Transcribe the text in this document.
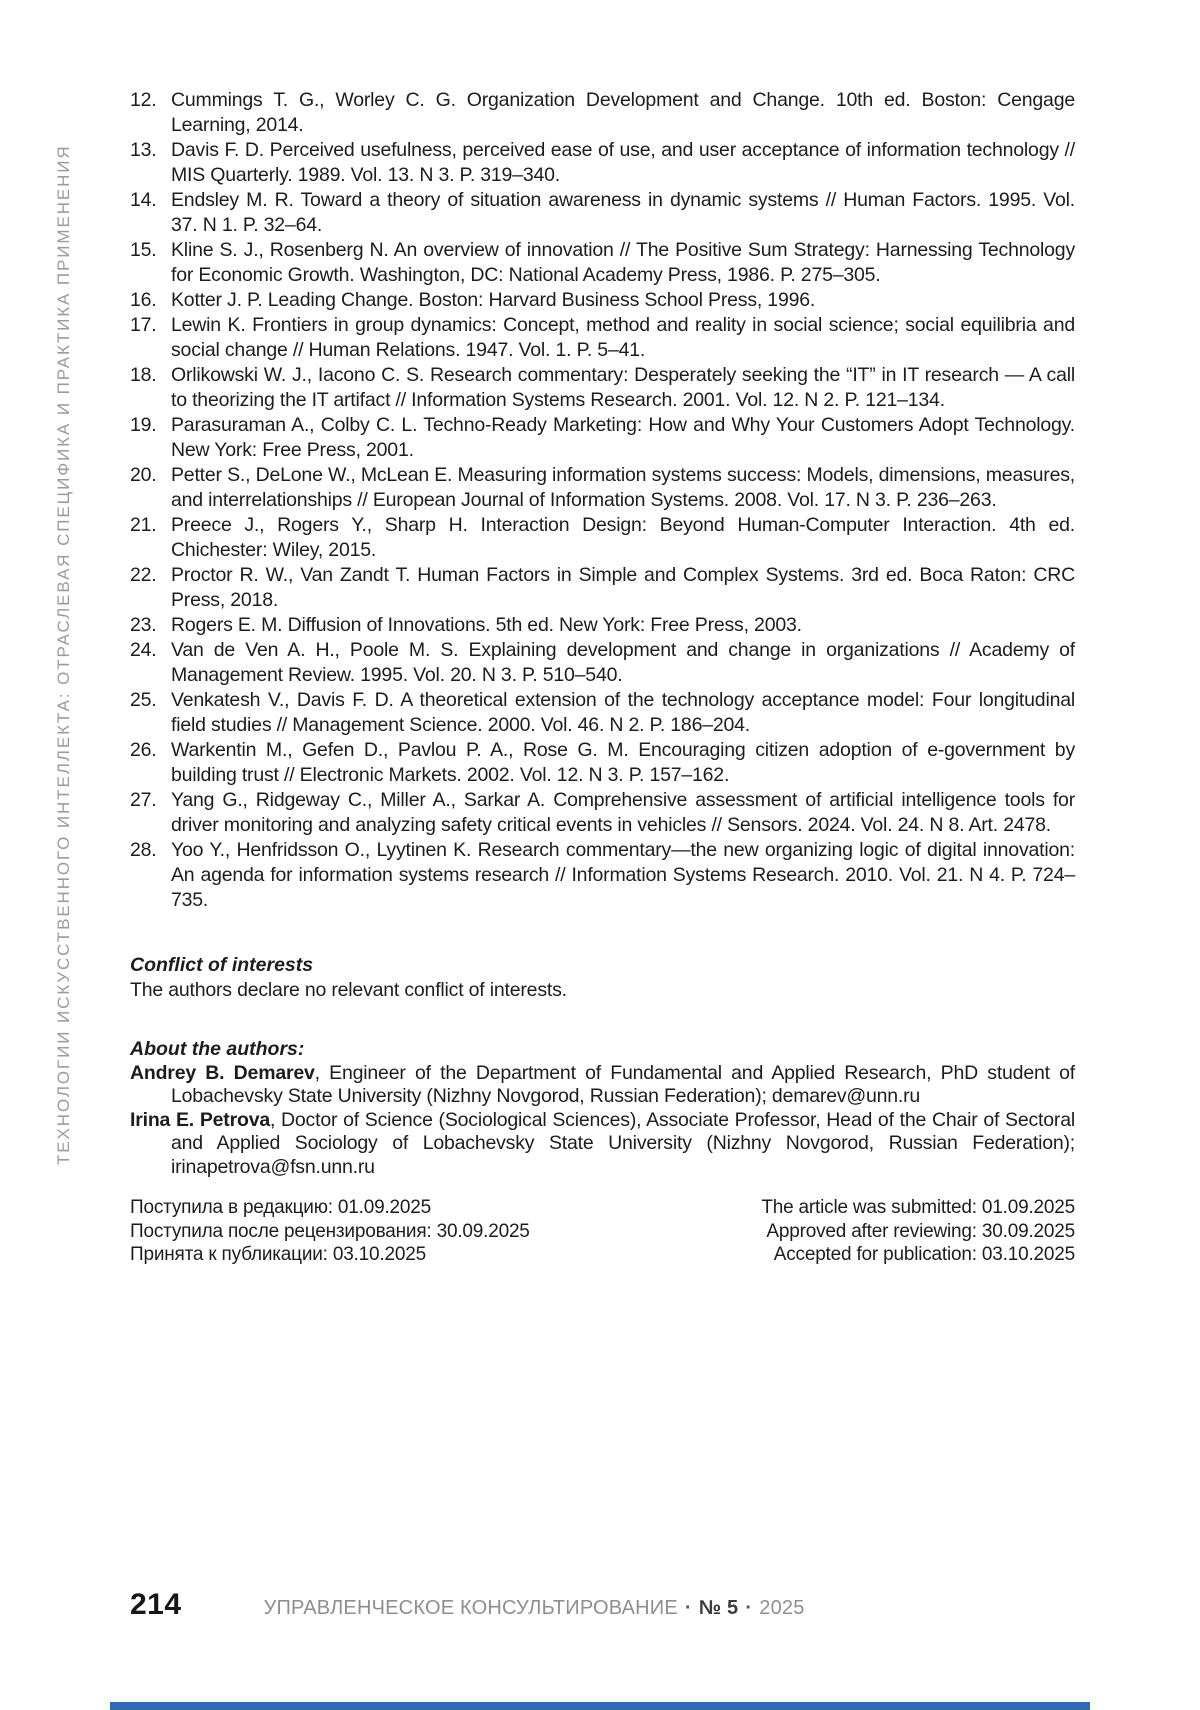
ТЕХНОЛОГИИ ИСКУССТВЕННОГО ИНТЕЛЛЕКТА: ОТРАСЛЕВАЯ СПЕЦИФИКА И ПРАКТИКА ПРИМЕНЕНИЯ
12. Cummings T. G., Worley C. G. Organization Development and Change. 10th ed. Boston: Cengage Learning, 2014.
13. Davis F. D. Perceived usefulness, perceived ease of use, and user acceptance of information technology // MIS Quarterly. 1989. Vol. 13. N 3. P. 319–340.
14. Endsley M. R. Toward a theory of situation awareness in dynamic systems // Human Factors. 1995. Vol. 37. N 1. P. 32–64.
15. Kline S. J., Rosenberg N. An overview of innovation // The Positive Sum Strategy: Harnessing Technology for Economic Growth. Washington, DC: National Academy Press, 1986. P. 275–305.
16. Kotter J. P. Leading Change. Boston: Harvard Business School Press, 1996.
17. Lewin K. Frontiers in group dynamics: Concept, method and reality in social science; social equilibria and social change // Human Relations. 1947. Vol. 1. P. 5–41.
18. Orlikowski W. J., Iacono C. S. Research commentary: Desperately seeking the “IT” in IT research — A call to theorizing the IT artifact // Information Systems Research. 2001. Vol. 12. N 2. P. 121–134.
19. Parasuraman A., Colby C. L. Techno-Ready Marketing: How and Why Your Customers Adopt Technology. New York: Free Press, 2001.
20. Petter S., DeLone W., McLean E. Measuring information systems success: Models, dimensions, measures, and interrelationships // European Journal of Information Systems. 2008. Vol. 17. N 3. P. 236–263.
21. Preece J., Rogers Y., Sharp H. Interaction Design: Beyond Human-Computer Interaction. 4th ed. Chichester: Wiley, 2015.
22. Proctor R. W., Van Zandt T. Human Factors in Simple and Complex Systems. 3rd ed. Boca Raton: CRC Press, 2018.
23. Rogers E. M. Diffusion of Innovations. 5th ed. New York: Free Press, 2003.
24. Van de Ven A. H., Poole M. S. Explaining development and change in organizations // Academy of Management Review. 1995. Vol. 20. N 3. P. 510–540.
25. Venkatesh V., Davis F. D. A theoretical extension of the technology acceptance model: Four longitudinal field studies // Management Science. 2000. Vol. 46. N 2. P. 186–204.
26. Warkentin M., Gefen D., Pavlou P. A., Rose G. M. Encouraging citizen adoption of e-government by building trust // Electronic Markets. 2002. Vol. 12. N 3. P. 157–162.
27. Yang G., Ridgeway C., Miller A., Sarkar A. Comprehensive assessment of artificial intelligence tools for driver monitoring and analyzing safety critical events in vehicles // Sensors. 2024. Vol. 24. N 8. Art. 2478.
28. Yoo Y., Henfridsson O., Lyytinen K. Research commentary—the new organizing logic of digital innovation: An agenda for information systems research // Information Systems Research. 2010. Vol. 21. N 4. P. 724–735.
Conflict of interests
The authors declare no relevant conflict of interests.
About the authors:

Andrey B. Demarev, Engineer of the Department of Fundamental and Applied Research, PhD student of Lobachevsky State University (Nizhny Novgorod, Russian Federation); demarev@unn.ru

Irina E. Petrova, Doctor of Science (Sociological Sciences), Associate Professor, Head of the Chair of Sectoral and Applied Sociology of Lobachevsky State University (Nizhny Novgorod, Russian Federation); irinapetrova@fsn.unn.ru

Поступила в редакцию: 01.09.2025
Поступила после рецензирования: 30.09.2025
Принята к публикации: 03.10.2025
The article was submitted: 01.09.2025
Approved after reviewing: 30.09.2025
Accepted for publication: 03.10.2025
214	УПРАВЛЕНЧЕСКОЕ КОНСУЛЬТИРОВАНИЕ · № 5 · 2025
